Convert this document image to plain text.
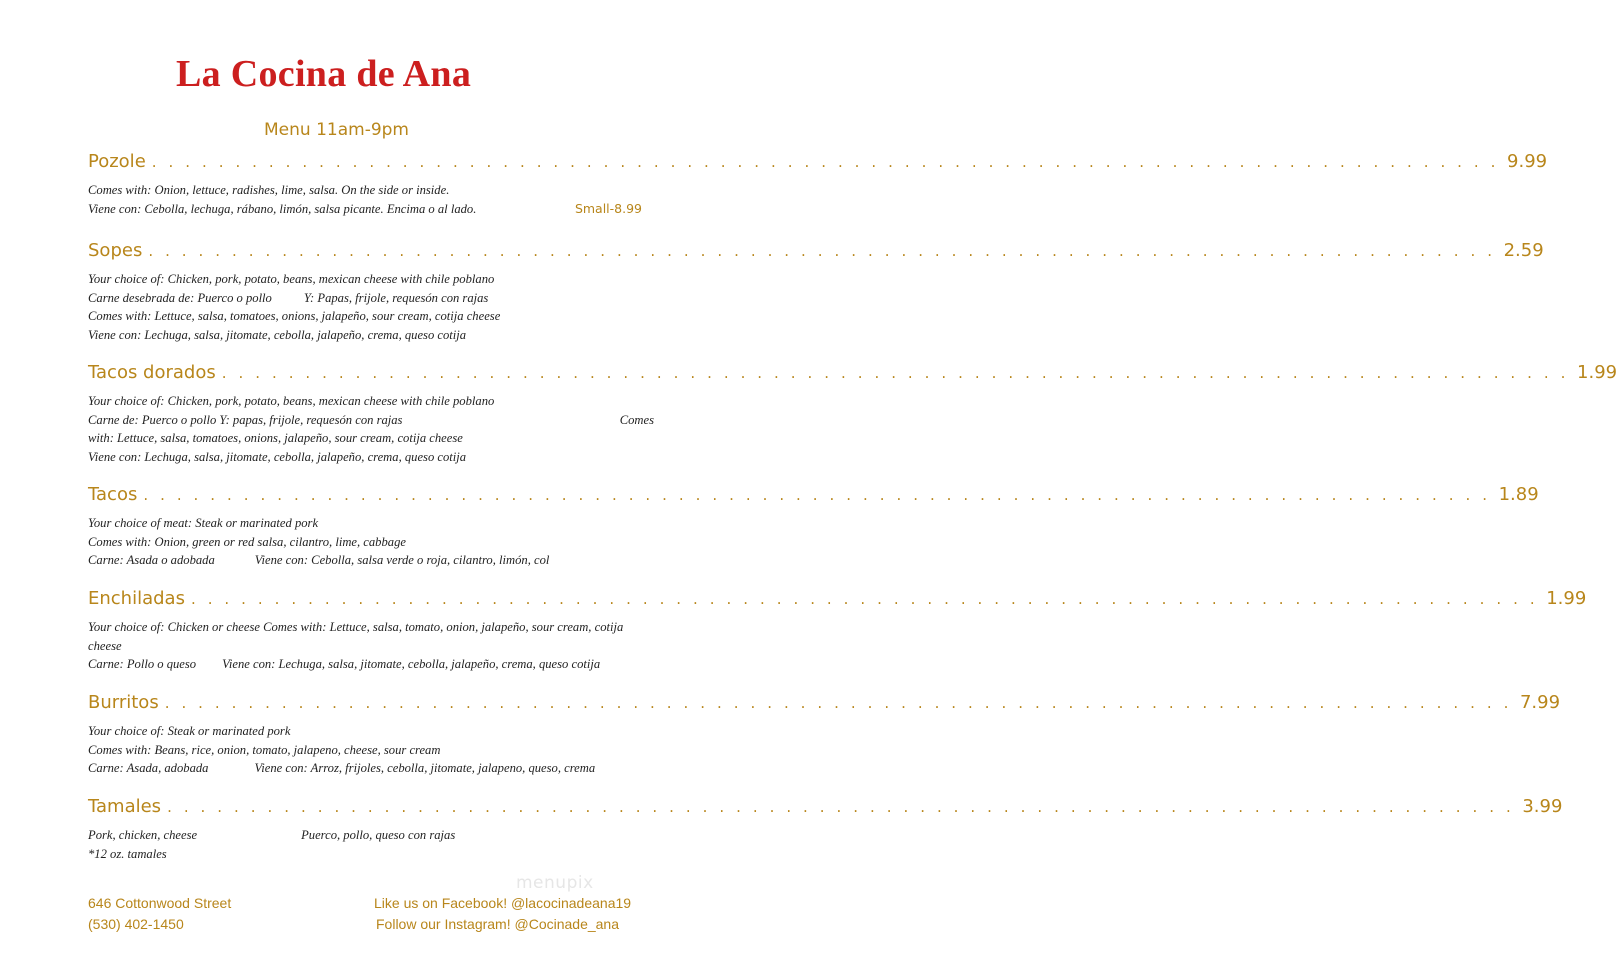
La Cocina de Ana
Menu 11am-9pm
Pozole . . . . . . . . . . . . . . . . . . . . . . . . . . . . . . . . . . . . . . . . . . . . . . . . . . . . . . . . . . . . . . . . . . . . . . . . . . . . . . . . . 9.99
Comes with: Onion, lettuce, radishes, lime, salsa. On the side or inside.
Viene con: Cebolla, lechuga, rábano, limón, salsa picante. Encima o al lado.	Small-8.99
Sopes . . . . . . . . . . . . . . . . . . . . . . . . . . . . . . . . . . . . . . . . . . . . . . . . . . . . . . . . . . . . . . . . . . . . . . . . . . . . . . . . . 2.59
Your choice of: Chicken, pork, potato, beans, mexican cheese with chile poblano
Carne desebrada de: Puerco o pollo	Y: Papas, frijole, requesón con rajas
Comes with: Lettuce, salsa, tomatoes, onions, jalapeño, sour cream, cotija cheese
Viene con: Lechuga, salsa, jitomate, cebolla, jalapeño, crema, queso cotija
Tacos dorados . . . . . . . . . . . . . . . . . . . . . . . . . . . . . . . . . . . . . . . . . . . . . . . . . . . . . . . . . . . . . . . . . . . . . . . . . . . . . . . . . 1.99
Your choice of: Chicken, pork, potato, beans, mexican cheese with chile poblano
Carne de: Puerco o pollo Y: papas, frijole, requesón con rajas	Comes
with: Lettuce, salsa, tomatoes, onions, jalapeño, sour cream, cotija cheese
Viene con: Lechuga, salsa, jitomate, cebolla, jalapeño, crema, queso cotija
Tacos . . . . . . . . . . . . . . . . . . . . . . . . . . . . . . . . . . . . . . . . . . . . . . . . . . . . . . . . . . . . . . . . . . . . . . . . . . . . . . . . . 1.89
Your choice of meat: Steak or marinated pork
Comes with: Onion, green or red salsa, cilantro, lime, cabbage
Carne: Asada o adobada	Viene con: Cebolla, salsa verde o roja, cilantro, limón, col
Enchiladas . . . . . . . . . . . . . . . . . . . . . . . . . . . . . . . . . . . . . . . . . . . . . . . . . . . . . . . . . . . . . . . . . . . . . . . . . . . . . . . . . 1.99
Your choice of: Chicken or cheese Comes with: Lettuce, salsa, tomato, onion, jalapeño, sour cream, cotija cheese
Carne: Pollo o queso Viene con: Lechuga, salsa, jitomate, cebolla, jalapeño, crema, queso cotija
Burritos . . . . . . . . . . . . . . . . . . . . . . . . . . . . . . . . . . . . . . . . . . . . . . . . . . . . . . . . . . . . . . . . . . . . . . . . . . . . . . . . . 7.99
Your choice of: Steak or marinated pork
Comes with: Beans, rice, onion, tomato, jalapeno, cheese, sour cream
Carne: Asada, adobada	Viene con: Arroz, frijoles, cebolla, jitomate, jalapeno, queso, crema
Tamales . . . . . . . . . . . . . . . . . . . . . . . . . . . . . . . . . . . . . . . . . . . . . . . . . . . . . . . . . . . . . . . . . . . . . . . . . . . . . . . . . 3.99
Pork, chicken, cheese	Puerco, pollo, queso con rajas
*12 oz. tamales
menupix
646 Cottonwood Street
(530) 402-1450
Like us on Facebook! @lacocinadeana19
Follow our Instagram! @Cocinade_ana
